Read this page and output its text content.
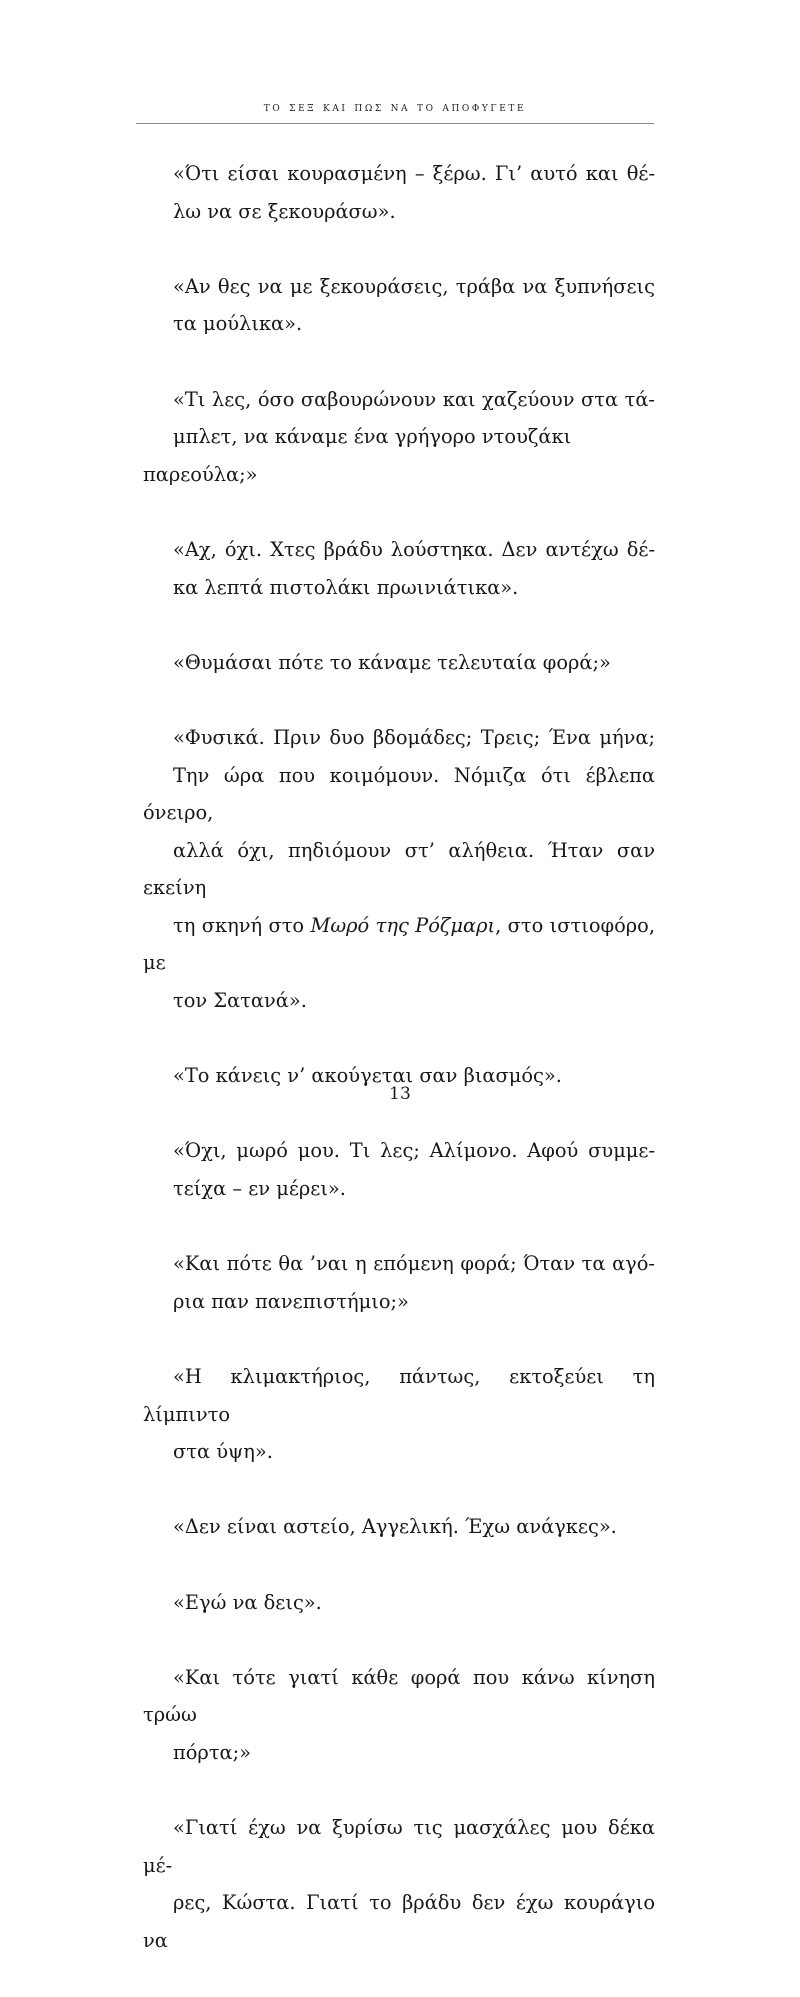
το σεξ και πως να το αποφυγετε

«Ότι είσαι κουρασμένη – ξέρω. Γι’ αυτό και θέ-
λω να σε ξεκουράσω».

«Αν θες να με ξεκουράσεις, τράβα να ξυπνήσεις
τα μούλικα».

«Τι λες, όσο σαβουρώνουν και χαζεύουν στα τά-
μπλετ, να κάναμε ένα γρήγορο ντουζάκι παρεούλα;»

«Αχ, όχι. Χτες βράδυ λούστηκα. Δεν αντέχω δέ-
κα λεπτά πιστολάκι πρωινιάτικα».

«Θυμάσαι πότε το κάναμε τελευταία φορά;»

«Φυσικά. Πριν δυο βδομάδες; Τρεις; Ένα μήνα;
Την ώρα που κοιμόμουν. Νόμιζα ότι έβλεπα όνειρο,
αλλά όχι, πηδιόμουν στ’ αλήθεια. Ήταν σαν εκείνη
τη σκηνή στο Μωρό της Ρόζμαρι, στο ιστιοφόρο, με
τον Σατανά».

«Το κάνεις ν’ ακούγεται σαν βιασμός».

«Όχι, μωρό μου. Τι λες; Αλίμονο. Αφού συμμε-
τείχα – εν μέρει».

«Και πότε θα ’ναι η επόμενη φορά; Όταν τα αγό-
ρια παν πανεπιστήμιο;»

«Η κλιμακτήριος, πάντως, εκτοξεύει τη λίμπιντο
στα ύψη».

«Δεν είναι αστείο, Αγγελική. Έχω ανάγκες».

«Εγώ να δεις».

«Και τότε γιατί κάθε φορά που κάνω κίνηση τρώω
πόρτα;»

«Γιατί έχω να ξυρίσω τις μασχάλες μου δέκα μέ-
ρες, Κώστα. Γιατί το βράδυ δεν έχω κουράγιο να

13
